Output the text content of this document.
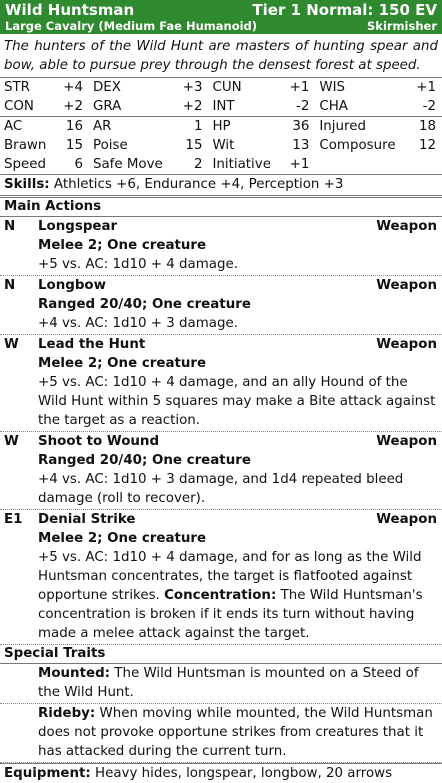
Wild Huntsman	Tier 1 Normal: 150 EV
Large Cavalry (Medium Fae Humanoid)	Skirmisher
The hunters of the Wild Hunt are masters of hunting spear and bow, able to pursue prey through the densest forest at speed.
STR	+4	DEX	+3	CUN	+1	WIS	+1
CON	+2	GRA	+2	INT	-2	CHA	-2
AC	16	AR	1	HP	36	Injured	18
Brawn	15	Poise	15	Wit	13	Composure	12
Speed	6	Safe Move	2	Initiative	+1		
Skills: Athletics +6, Endurance +4, Perception +3
Main Actions
N	Longspear	Weapon
Melee 2; One creature
+5 vs. AC: 1d10 + 4 damage.
N	Longbow	Weapon
Ranged 20/40; One creature
+4 vs. AC: 1d10 + 3 damage.
W	Lead the Hunt	Weapon
Melee 2; One creature
+5 vs. AC: 1d10 + 4 damage, and an ally Hound of the Wild Hunt within 5 squares may make a Bite attack against the target as a reaction.
W	Shoot to Wound	Weapon
Ranged 20/40; One creature
+4 vs. AC: 1d10 + 3 damage, and 1d4 repeated bleed damage (roll to recover).
E1	Denial Strike	Weapon
Melee 2; One creature
+5 vs. AC: 1d10 + 4 damage, and for as long as the Wild Huntsman concentrates, the target is flatfooted against opportune strikes. Concentration: The Wild Huntsman's concentration is broken if it ends its turn without having made a melee attack against the target.
Special Traits
Mounted: The Wild Huntsman is mounted on a Steed of the Wild Hunt.
Rideby: When moving while mounted, the Wild Huntsman does not provoke opportune strikes from creatures that it has attacked during the current turn.
Equipment: Heavy hides, longspear, longbow, 20 arrows
